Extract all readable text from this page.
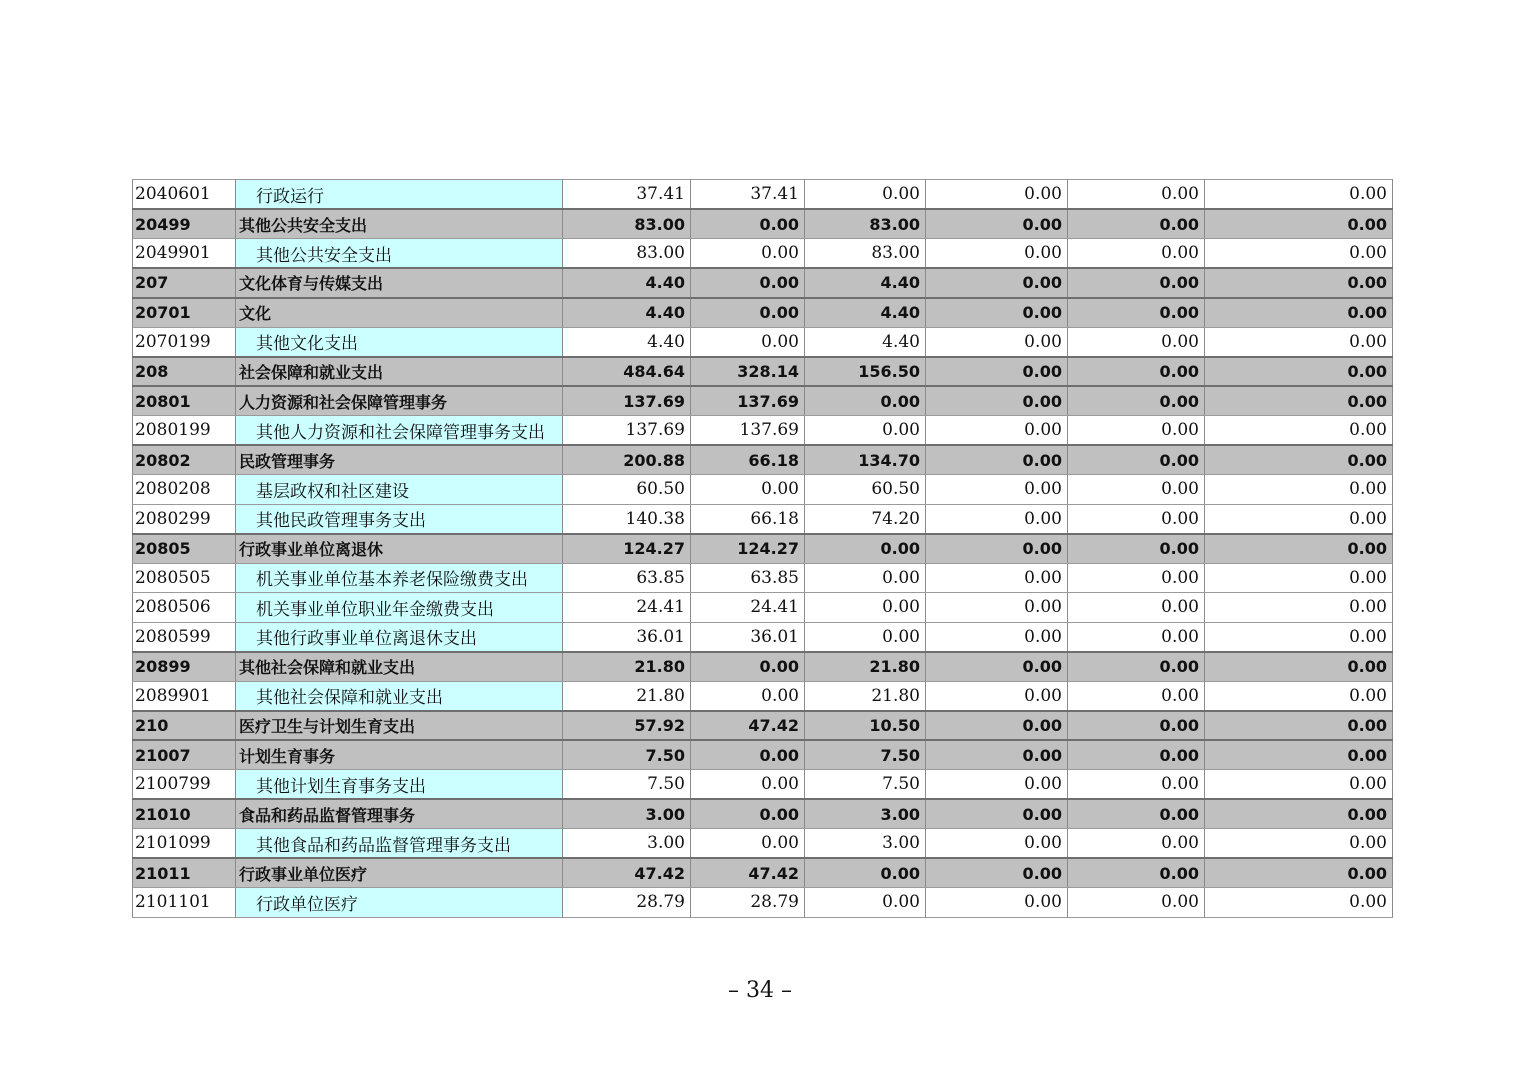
2040601	行政运行	37.41	37.41	0.00	0.00	0.00	0.00
20499	其他公共安全支出	83.00	0.00	83.00	0.00	0.00	0.00
2049901	其他公共安全支出	83.00	0.00	83.00	0.00	0.00	0.00
207	文化体育与传媒支出	4.40	0.00	4.40	0.00	0.00	0.00
20701	文化	4.40	0.00	4.40	0.00	0.00	0.00
2070199	其他文化支出	4.40	0.00	4.40	0.00	0.00	0.00
208	社会保障和就业支出	484.64	328.14	156.50	0.00	0.00	0.00
20801	人力资源和社会保障管理事务	137.69	137.69	0.00	0.00	0.00	0.00
2080199	其他人力资源和社会保障管理事务支出	137.69	137.69	0.00	0.00	0.00	0.00
20802	民政管理事务	200.88	66.18	134.70	0.00	0.00	0.00
2080208	基层政权和社区建设	60.50	0.00	60.50	0.00	0.00	0.00
2080299	其他民政管理事务支出	140.38	66.18	74.20	0.00	0.00	0.00
20805	行政事业单位离退休	124.27	124.27	0.00	0.00	0.00	0.00
2080505	机关事业单位基本养老保险缴费支出	63.85	63.85	0.00	0.00	0.00	0.00
2080506	机关事业单位职业年金缴费支出	24.41	24.41	0.00	0.00	0.00	0.00
2080599	其他行政事业单位离退休支出	36.01	36.01	0.00	0.00	0.00	0.00
20899	其他社会保障和就业支出	21.80	0.00	21.80	0.00	0.00	0.00
2089901	其他社会保障和就业支出	21.80	0.00	21.80	0.00	0.00	0.00
210	医疗卫生与计划生育支出	57.92	47.42	10.50	0.00	0.00	0.00
21007	计划生育事务	7.50	0.00	7.50	0.00	0.00	0.00
2100799	其他计划生育事务支出	7.50	0.00	7.50	0.00	0.00	0.00
21010	食品和药品监督管理事务	3.00	0.00	3.00	0.00	0.00	0.00
2101099	其他食品和药品监督管理事务支出	3.00	0.00	3.00	0.00	0.00	0.00
21011	行政事业单位医疗	47.42	47.42	0.00	0.00	0.00	0.00
2101101	行政单位医疗	28.79	28.79	0.00	0.00	0.00	0.00
– 34 –
